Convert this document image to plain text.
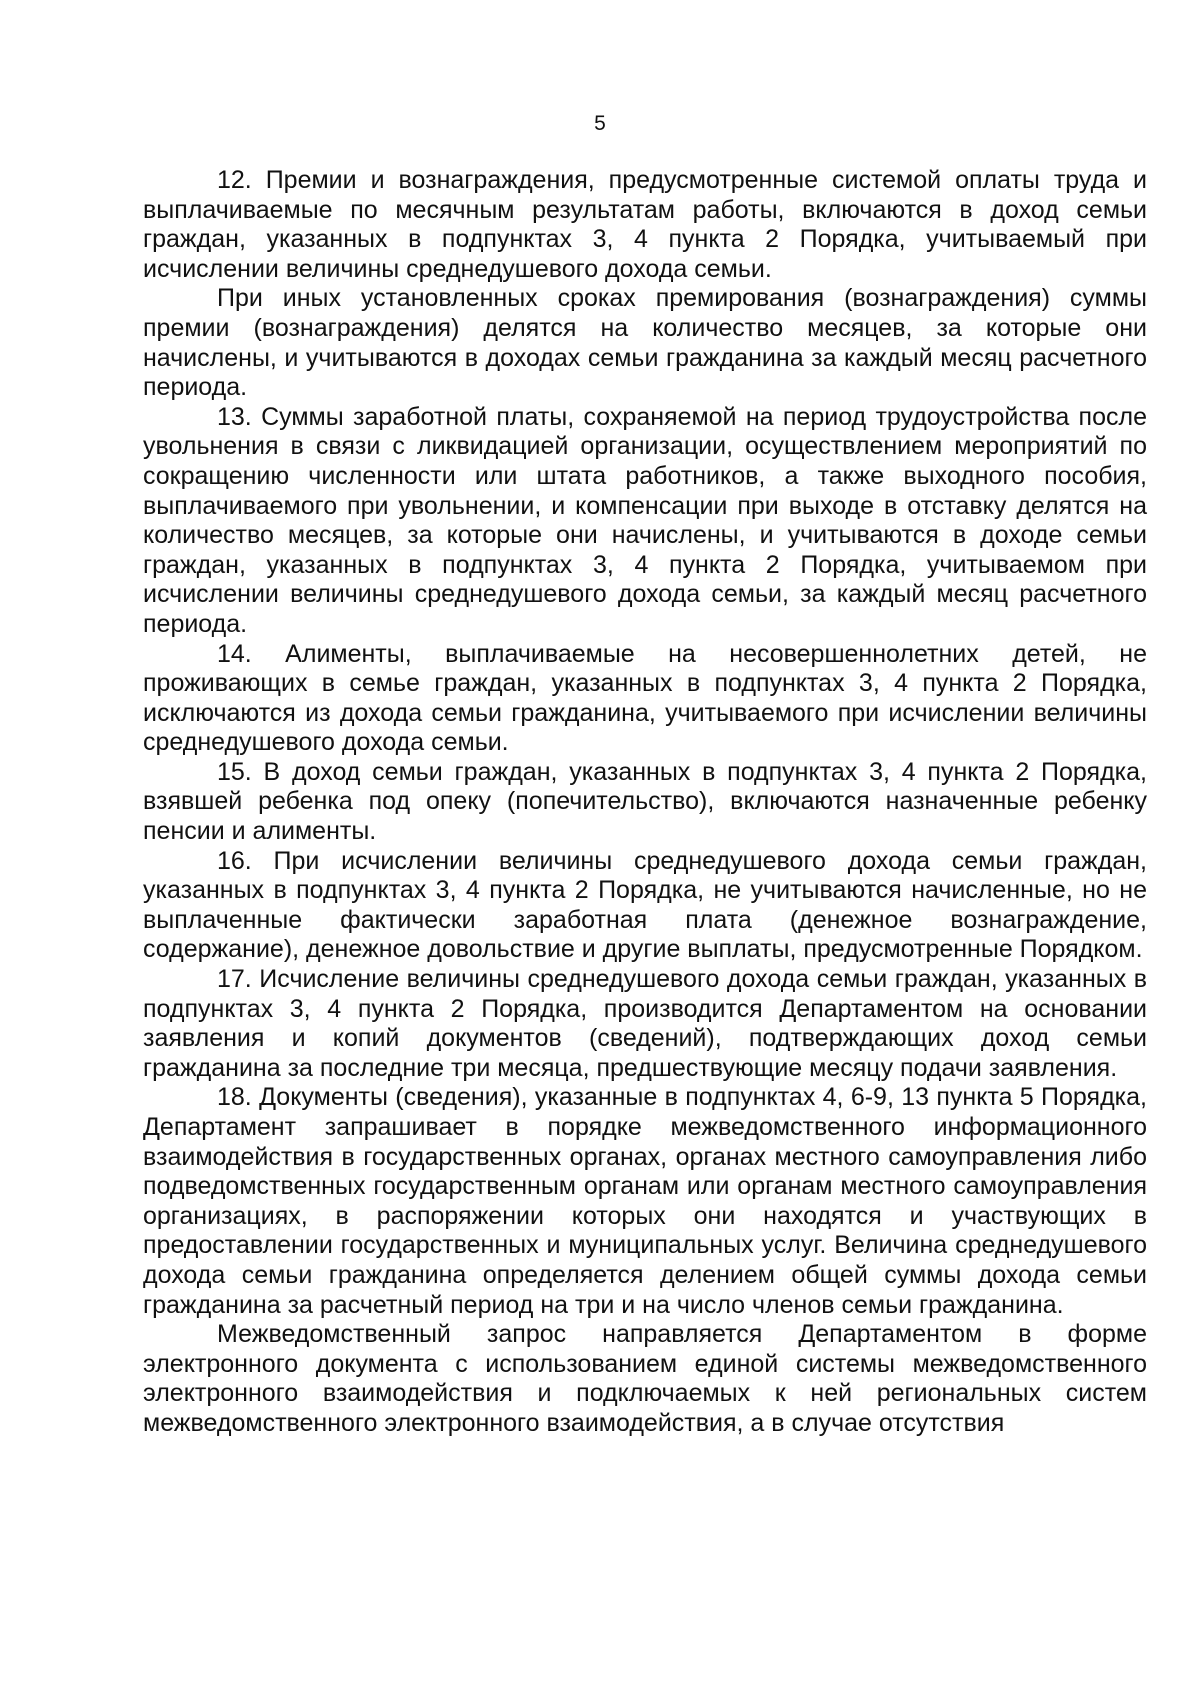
5

12. Премии и вознаграждения, предусмотренные системой оплаты труда и выплачиваемые по месячным результатам работы, включаются в доход семьи граждан, указанных в подпунктах 3, 4 пункта 2 Порядка, учитываемый при исчислении величины среднедушевого дохода семьи.

При иных установленных сроках премирования (вознаграждения) суммы премии (вознаграждения) делятся на количество месяцев, за которые они начислены, и учитываются в доходах семьи гражданина за каждый месяц расчетного периода.

13. Суммы заработной платы, сохраняемой на период трудоустройства после увольнения в связи с ликвидацией организации, осуществлением мероприятий по сокращению численности или штата работников, а также выходного пособия, выплачиваемого при увольнении, и компенсации при выходе в отставку делятся на количество месяцев, за которые они начислены, и учитываются в доходе семьи граждан, указанных в подпунктах 3, 4 пункта 2 Порядка, учитываемом при исчислении величины среднедушевого дохода семьи, за каждый месяц расчетного периода.

14. Алименты, выплачиваемые на несовершеннолетних детей, не проживающих в семье граждан, указанных в подпунктах 3, 4 пункта 2 Порядка, исключаются из дохода семьи гражданина, учитываемого при исчислении величины среднедушевого дохода семьи.

15. В доход семьи граждан, указанных в подпунктах 3, 4 пункта 2 Порядка, взявшей ребенка под опеку (попечительство), включаются назначенные ребенку пенсии и алименты.

16. При исчислении величины среднедушевого дохода семьи граждан, указанных в подпунктах 3, 4 пункта 2 Порядка, не учитываются начисленные, но не выплаченные фактически заработная плата (денежное вознаграждение, содержание), денежное довольствие и другие выплаты, предусмотренные Порядком.

17. Исчисление величины среднедушевого дохода семьи граждан, указанных в подпунктах 3, 4 пункта 2 Порядка, производится Департаментом на основании заявления и копий документов (сведений), подтверждающих доход семьи гражданина за последние три месяца, предшествующие месяцу подачи заявления.

18. Документы (сведения), указанные в подпунктах 4, 6-9, 13 пункта 5 Порядка, Департамент запрашивает в порядке межведомственного информационного взаимодействия в государственных органах, органах местного самоуправления либо подведомственных государственным органам или органам местного самоуправления организациях, в распоряжении которых они находятся и участвующих в предоставлении государственных и муниципальных услуг. Величина среднедушевого дохода семьи гражданина определяется делением общей суммы дохода семьи гражданина за расчетный период на три и на число членов семьи гражданина.

Межведомственный запрос направляется Департаментом в форме электронного документа с использованием единой системы межведомственного электронного взаимодействия и подключаемых к ней региональных систем межведомственного электронного взаимодействия, а в случае отсутствия
